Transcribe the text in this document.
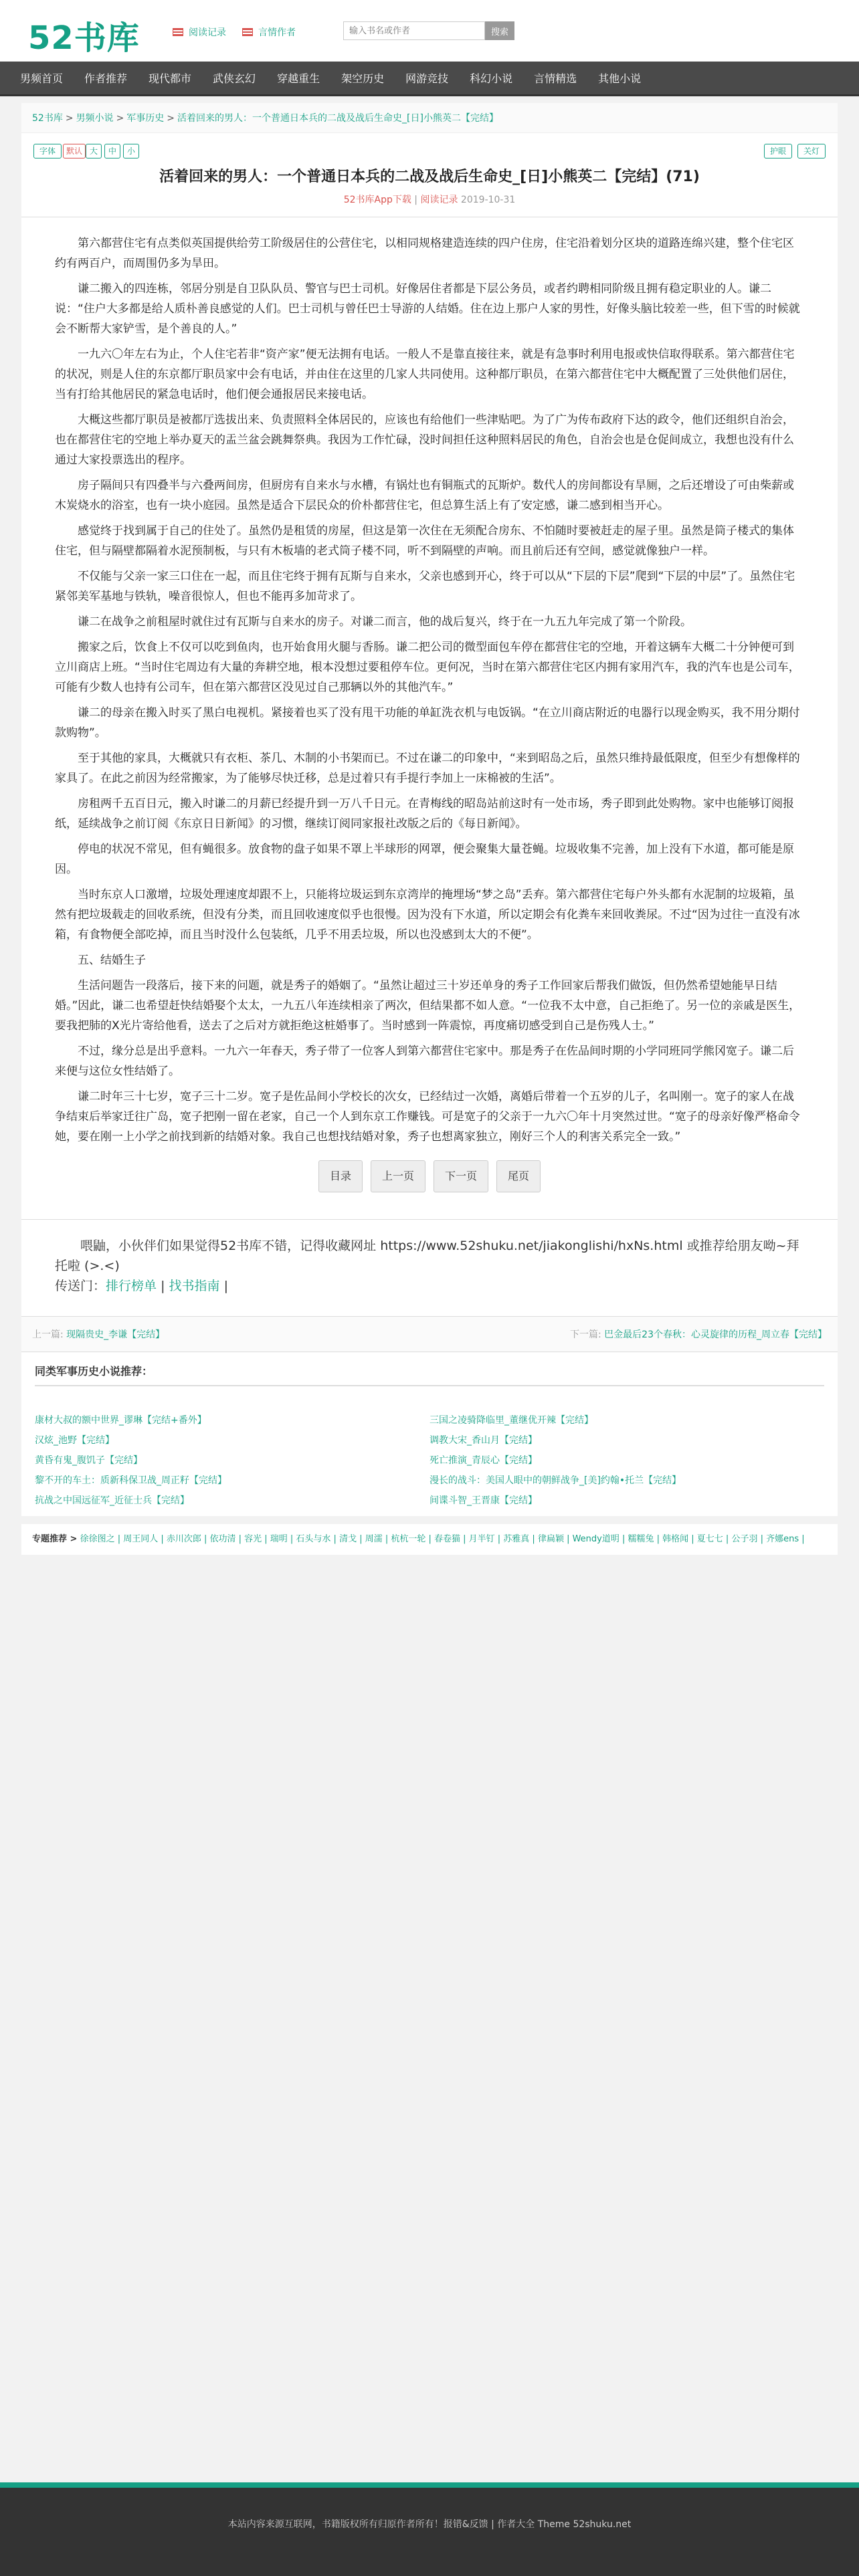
52书库	阅读记录	言情作者
输入书名或作者	搜索
男频首页 作者推荐 现代都市 武侠玄幻 穿越重生 架空历史 网游竞技 科幻小说 言情精选 其他小说
52书库 > 男频小说 > 军事历史 > 活着回来的男人：一个普通日本兵的二战及战后生命史_[日]小熊英二【完结】
字体	默认 大	中	小	护眼	关灯
活着回来的男人：一个普通日本兵的二战及战后生命史_[日]小熊英二【完结】(71)
52书库App下载 | 阅读记录 2019-10-31

第六都营住宅有点类似英国提供给劳工阶级居住的公营住宅，以相同规格建造连续的四户住房，住宅沿着划分区块的道路连绵兴建，整个住宅区约有两百户，而周围仍多为旱田。

谦二搬入的四连栋，邻居分别是自卫队队员、警官与巴士司机。好像居住者都是下层公务员，或者约聘相同阶级且拥有稳定职业的人。谦二说：“住户大多都是给人质朴善良感觉的人们。巴士司机与曾任巴士导游的人结婚。住在边上那户人家的男性，好像头脑比较差一些，但下雪的时候就会不断帮大家铲雪，是个善良的人。”

一九六〇年左右为止，个人住宅若非“资产家”便无法拥有电话。一般人不是靠直接往来，就是有急事时利用电报或快信取得联系。第六都营住宅的状况，则是人住的东京都厅职员家中会有电话，并由住在这里的几家人共同使用。这种都厅职员，在第六都营住宅中大概配置了三处供他们居住，当有打给其他居民的紧急电话时，他们便会通报居民来接电话。

大概这些都厅职员是被都厅选拔出来、负责照料全体居民的，应该也有给他们一些津贴吧。为了广为传布政府下达的政令，他们还组织自治会，也在都营住宅的空地上举办夏天的盂兰盆会跳舞祭典。我因为工作忙碌，没时间担任这种照料居民的角色，自治会也是仓促间成立，我想也没有什么通过大家投票选出的程序。

房子隔间只有四叠半与六叠两间房，但厨房有自来水与水槽，有锅灶也有铜瓶式的瓦斯炉。数代人的房间都设有旱厕，之后还增设了可由柴薪或木炭烧水的浴室，也有一块小庭园。虽然是适合下层民众的价朴都营住宅，但总算生活上有了安定感，谦二感到相当开心。

感觉终于找到属于自己的住处了。虽然仍是租赁的房屋，但这是第一次住在无须配合房东、不怕随时要被赶走的屋子里。虽然是筒子楼式的集体住宅，但与隔壁都隔着水泥预制板，与只有木板墙的老式筒子楼不同，听不到隔壁的声响。而且前后还有空间，感觉就像独户一样。

不仅能与父亲一家三口住在一起，而且住宅终于拥有瓦斯与自来水，父亲也感到开心，终于可以从“下层的下层”爬到“下层的中层”了。虽然住宅紧邻美军基地与铁轨，噪音很惊人，但也不能再多加苛求了。

谦二在战争之前租屋时就住过有瓦斯与自来水的房子。对谦二而言，他的战后复兴，终于在一九五九年完成了第一个阶段。

搬家之后，饮食上不仅可以吃到鱼肉，也开始食用火腿与香肠。谦二把公司的微型面包车停在都营住宅的空地，开着这辆车大概二十分钟便可到立川商店上班。“当时住宅周边有大量的奔耕空地，根本没想过要租停车位。更何况，当时在第六都营住宅区内拥有家用汽车，我的汽车也是公司车，可能有少数人也持有公司车，但在第六都营区没见过自己那辆以外的其他汽车。”

谦二的母亲在搬入时买了黑白电视机。紧接着也买了没有甩干功能的单缸洗衣机与电饭锅。“在立川商店附近的电器行以现金购买，我不用分期付款购物”。

至于其他的家具，大概就只有衣柜、茶几、木制的小书架而已。不过在谦二的印象中，“来到昭岛之后，虽然只维持最低限度，但至少有想像样的家具了。在此之前因为经常搬家，为了能够尽快迁移，总是过着只有手提行李加上一床棉被的生活”。

房租两千五百日元，搬入时谦二的月薪已经提升到一万八千日元。在青梅线的昭岛站前这时有一处市场，秀子即到此处购物。家中也能够订阅报纸，延续战争之前订阅《东京日日新闻》的习惯，继续订阅同家报社改版之后的《每日新闻》。

停电的状况不常见，但有蝇很多。放食物的盘子如果不罩上半球形的网罩，便会聚集大量苍蝇。垃圾收集不完善，加上没有下水道，都可能是原因。

当时东京人口激增，垃圾处理速度却跟不上，只能将垃圾运到东京湾岸的掩埋场“梦之岛”丢弃。第六都营住宅每户外头都有水泥制的垃圾箱，虽然有把垃圾载走的回收系统，但没有分类，而且回收速度似乎也很慢。因为没有下水道，所以定期会有化粪车来回收粪尿。不过“因为过往一直没有冰箱，有食物便全部吃掉，而且当时没什么包装纸，几乎不用丢垃圾，所以也没感到太大的不便”。

五、结婚生子

生活问题告一段落后，接下来的问题，就是秀子的婚姻了。“虽然让超过三十岁还单身的秀子工作回家后帮我们做饭，但仍然希望她能早日结婚。”因此，谦二也希望赶快结婚娶个太太，一九五八年连续相亲了两次，但结果都不如人意。“一位我不太中意，自己拒绝了。另一位的亲戚是医生，要我把肺的X光片寄给他看，送去了之后对方就拒绝这桩婚事了。当时感到一阵震惊，再度痛切感受到自己是伤残人士。”

不过，缘分总是出乎意料。一九六一年春天，秀子带了一位客人到第六都营住宅家中。那是秀子在佐品间时期的小学同班同学熊冈宽子。谦二后来便与这位女性结婚了。

谦二时年三十七岁，宽子三十二岁。宽子是佐品间小学校长的次女，已经结过一次婚，离婚后带着一个五岁的儿子，名叫刚一。宽子的家人在战争结束后举家迁往广岛，宽子把刚一留在老家，自己一个人到东京工作赚钱。可是宽子的父亲于一九六〇年十月突然过世。“宽子的母亲好像严格命令她，要在刚一上小学之前找到新的结婚对象。我自己也想找结婚对象，秀子也想离家独立，刚好三个人的利害关系完全一致。”

目录	上一页	下一页	尾页

喂鼬，小伙伴们如果觉得52书库不错，记得收藏网址 https://www.52shuku.net/jiakonglishi/hxNs.html 或推荐给朋友呦~拜托啦 (>.<)

传送门：排行榜单 | 找书指南 |

上一篇: 现隔贵史_李谦【完结】	下一篇: 巴金最后23个春秋：心灵旋律的历程_周立春【完结】
同类军事历史小说推荐：
康材大叔的额中世界_谬琳【完结+番外】	三国之凌骑降临里_董继优开辣【完结】
汉炫_池野【完结】	调教大宋_香山月【完结】
黄昏有鬼_腹饥子【完结】	死亡推演_青辰心【完结】
黎不开的车土：质新科保卫战_周正籽【完结】	漫长的战斗：美国人眼中的朝鲜战争_[美]约翰•托兰【完结】
抗战之中国远征军_近征士兵【完结】	间谍斗智_王晋康【完结】
专题推荐 > 徐徐图之 | 周王同人 | 赤川次郎 | 依功清 | 容光 | 瑞明 | 石头与水 | 清戈 | 周濡 | 杭杭一轮 | 春卷猫 | 月半钉 | 苏雅真 | 律扁颖 | Wendy道明 | 糯糯兔 | 韩格闻 | 夏七七 | 公子羽 | 齐娜ens |
本站内容来源互联网，书籍版权所有归原作者所有！报错&反馈 | 作者大全 Theme 52shuku.net
